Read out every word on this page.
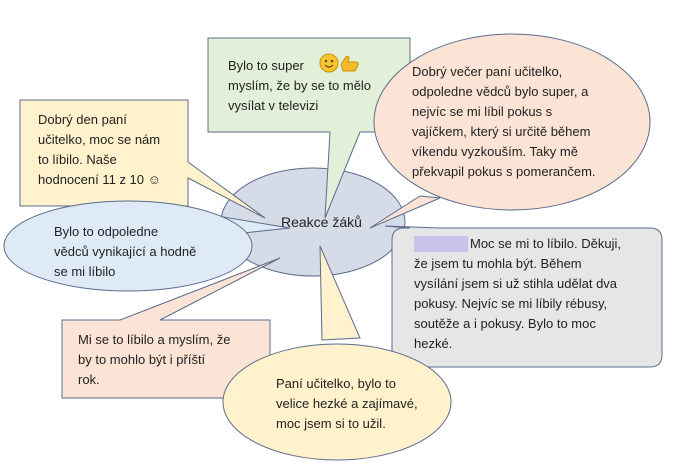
Reakce žáků
Dobrý den paní
učitelko, moc se nám
to líbilo. Naše
hodnocení 11 z 10 ☺
Bylo to super
myslím, že by se to mělo
vysílat v televizi
Dobrý večer paní učitelko,
odpoledne vědců bylo super, a
nejvíc se mi líbil pokus s
vajíčkem, který si určitě během
víkendu vyzkouším. Taky mě
překvapil pokus s pomerančem.
Bylo to odpoledne
vědců vynikající a hodně
se mi líbilo
Moc se mi to líbilo. Děkuji,
že jsem tu mohla být. Během
vysílání jsem si už stihla udělat dva
pokusy. Nejvíc se mi líbily rébusy,
soutěže a i pokusy. Bylo to moc
hezké.
Mi se to líbilo a myslím, že
by to mohlo být i příští
rok.	Paní učitelko, bylo to
velice hezké a zajímavé,
moc jsem si to užil.
